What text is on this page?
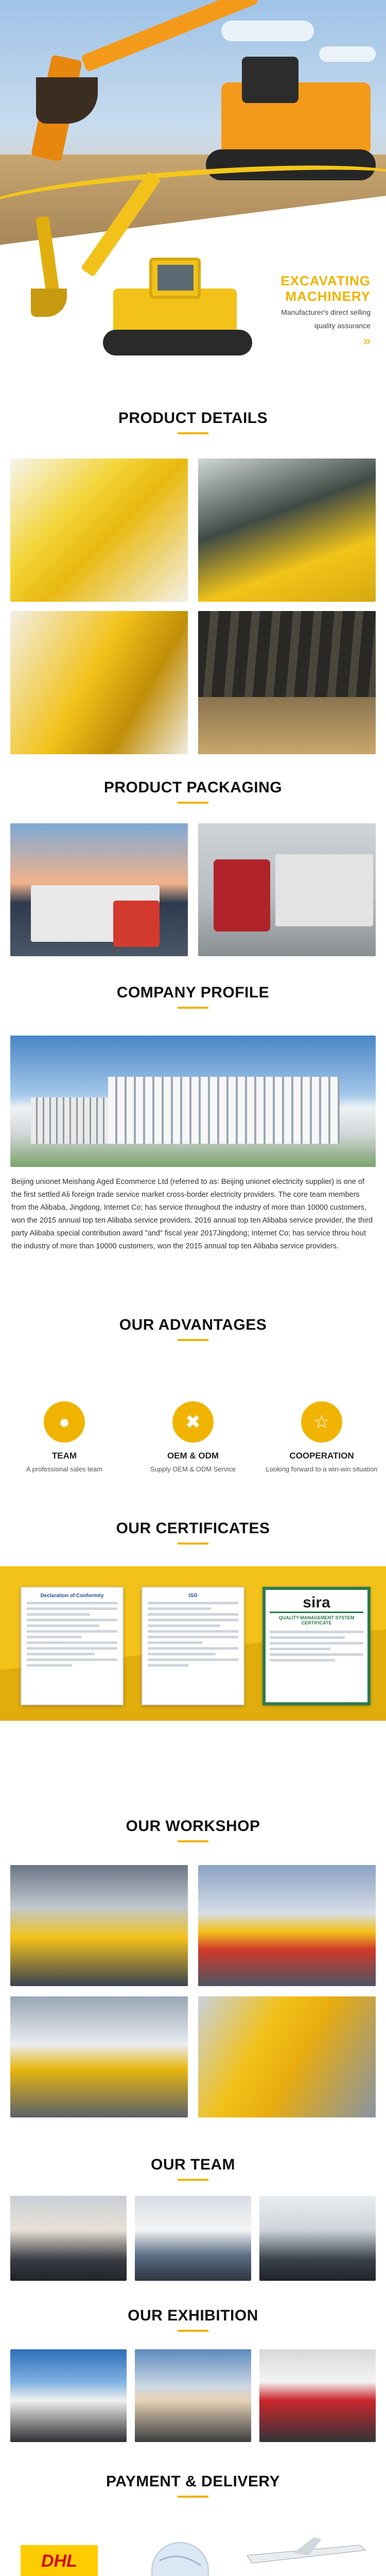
EXCAVATING
MACHINERY
Manufacturer's direct selling
quality assurance
»
PRODUCT DETAILS
PRODUCT PACKAGING
COMPANY PROFILE
Beijing unionet Meishang Aged Ecommerce Ltd (referred to as: Beijing unionet electricity supplier) is one of the first settled Ali foreign trade service market cross-border electricity providers. The core team members from the Alibaba, Jingdong, Internet Co; has service throughout the industry of more than 10000 customers, won the 2015 annual top ten Alibaba service providers. 2016 annual top ten Alibaba service provider, the third party Alibaba special contribution award "and" fiscal year 2017Jingdong; Internet Co; has service throu hout the industry of more than 10000 customers, won the 2015 annual top ten Alibaba service providers.
OUR ADVANTAGES
●
TEAM
A professional sales team
✖
OEM & ODM
Supply OEM & ODM Service
☆
COOPERATION
Looking forward to a win-win situation
OUR CERTIFICATES
Declaration of Conformity	ISO	sira
QUALITY MANAGEMENT SYSTEM CERTIFICATE
OUR WORKSHOP
OUR TEAM
OUR EXHIBITION
PAYMENT & DELIVERY
DHL
